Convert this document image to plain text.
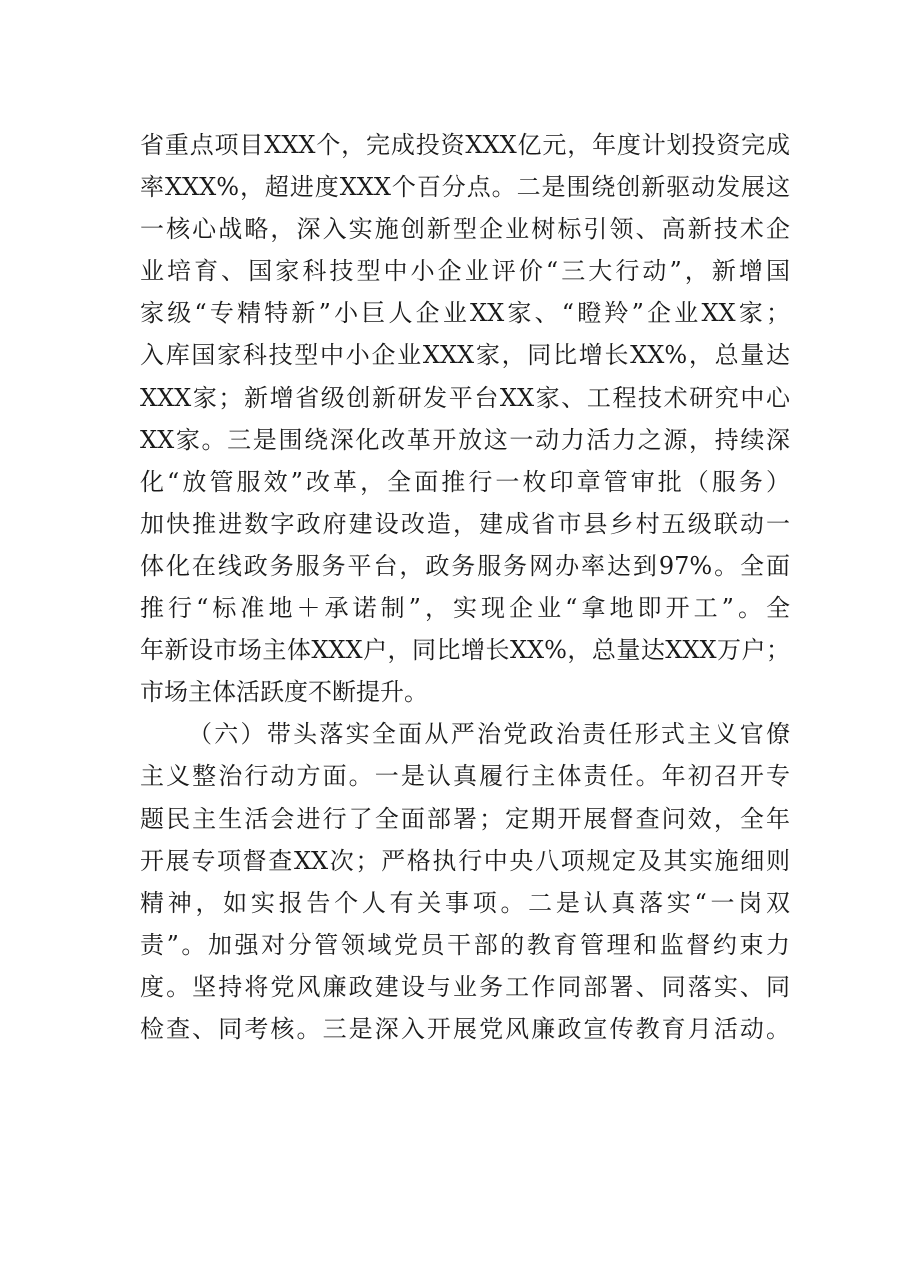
省重点项目XXX个，完成投资XXX亿元，年度计划投资完成
率XXX%，超进度XXX个百分点。二是围绕创新驱动发展这
一核心战略，深入实施创新型企业树标引领、高新技术企
业培育、国家科技型中小企业评价“三大行动”，新增国
家级“专精特新”小巨人企业XX家、“瞪羚”企业XX家；
入库国家科技型中小企业XXX家，同比增长XX%，总量达
XXX家；新增省级创新研发平台XX家、工程技术研究中心
XX家。三是围绕深化改革开放这一动力活力之源，持续深
化“放管服效”改革，全面推行一枚印章管审批（服务）
加快推进数字政府建设改造，建成省市县乡村五级联动一
体化在线政务服务平台，政务服务网办率达到97%。全面
推行“标准地＋承诺制”，实现企业“拿地即开工”。全
年新设市场主体XXX户，同比增长XX%，总量达XXX万户；
市场主体活跃度不断提升。
（六）带头落实全面从严治党政治责任形式主义官僚
主义整治行动方面。一是认真履行主体责任。年初召开专
题民主生活会进行了全面部署；定期开展督查问效，全年
开展专项督查XX次；严格执行中央八项规定及其实施细则
精神，如实报告个人有关事项。二是认真落实“一岗双
责”。加强对分管领域党员干部的教育管理和监督约束力
度。坚持将党风廉政建设与业务工作同部署、同落实、同
检查、同考核。三是深入开展党风廉政宣传教育月活动。
